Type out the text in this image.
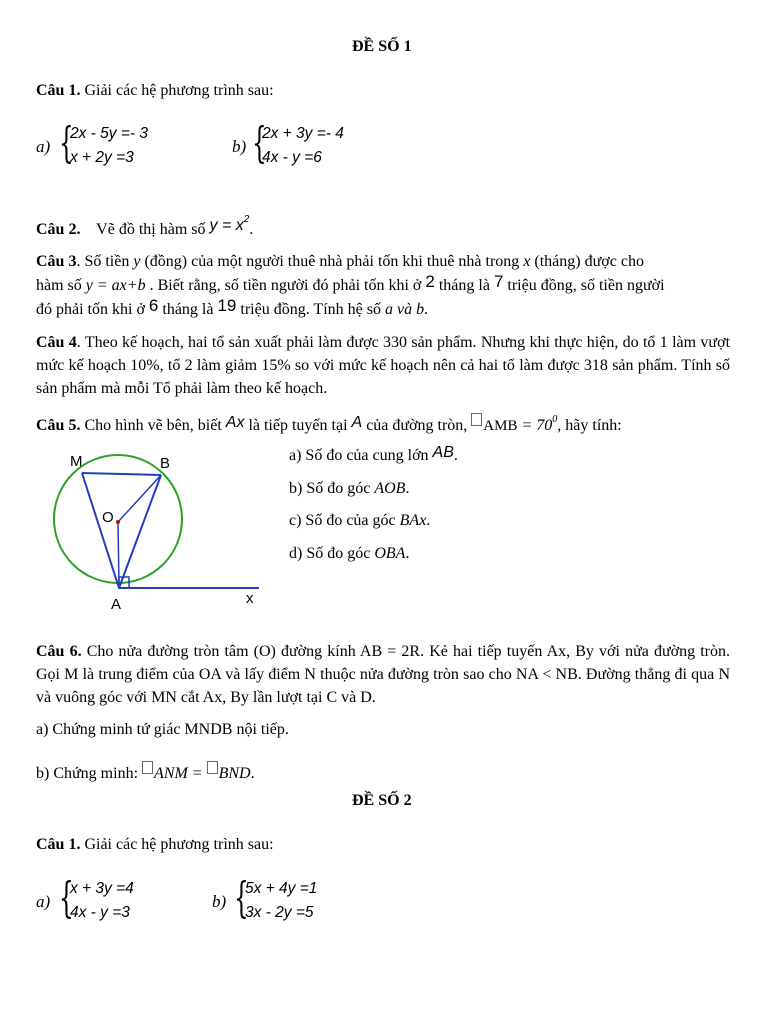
ĐỀ SỐ 1
Câu 1. Giải các hệ phương trình sau:
a) {
2x - 5y =- 3
x + 2y =3
b) {
2x + 3y =- 4
4x - y =6
Câu 2. Vẽ đồ thị hàm số $y = x^2$.
Câu 3. Số tiền y (đồng) của một người thuê nhà phải tốn khi thuê nhà trong x (tháng) được cho
hàm số y = ax+b . Biết rằng, số tiền người đó phải tốn khi ở 2 tháng là 7 triệu đồng, số tiền người
đó phải tốn khi ở 6 tháng là 19 triệu đồng. Tính hệ số a và b.
Câu 4. Theo kế hoạch, hai tổ sản xuất phải làm được 330 sản phẩm. Nhưng khi thực hiện, do tổ 1 làm vượt mức kế hoạch 10%, tổ 2 làm giảm 15% so với mức kế hoạch nên cả hai tổ làm được 318 sản phẩm. Tính số sản phẩm mà mỗi Tổ phải làm theo kế hoạch.
Câu 5. Cho hình vẽ bên, biết Ax là tiếp tuyến tại A của đường tròn, AMB = $70^0$, hãy tính:
M	B
O
A	x
a) Số đo của cung lớn AB.
b) Số đo góc AOB.
c) Số đo của góc BAx.
d) Số đo góc OBA.
Câu 6. Cho nửa đường tròn tâm (O) đường kính AB = 2R. Kẻ hai tiếp tuyến Ax, By với nửa đường tròn. Gọi M là trung điểm của OA và lấy điểm N thuộc nửa đường tròn sao cho NA < NB. Đường thẳng đi qua N và vuông góc với MN cắt Ax, By lần lượt tại C và D.
a) Chứng minh tứ giác MNDB nội tiếp.
b) Chứng minh: ANM = BND.
ĐỀ SỐ 2
Câu 1. Giải các hệ phương trình sau:
a) {
x + 3y =4
4x - y =3
b) {
5x + 4y =1
3x - 2y =5
